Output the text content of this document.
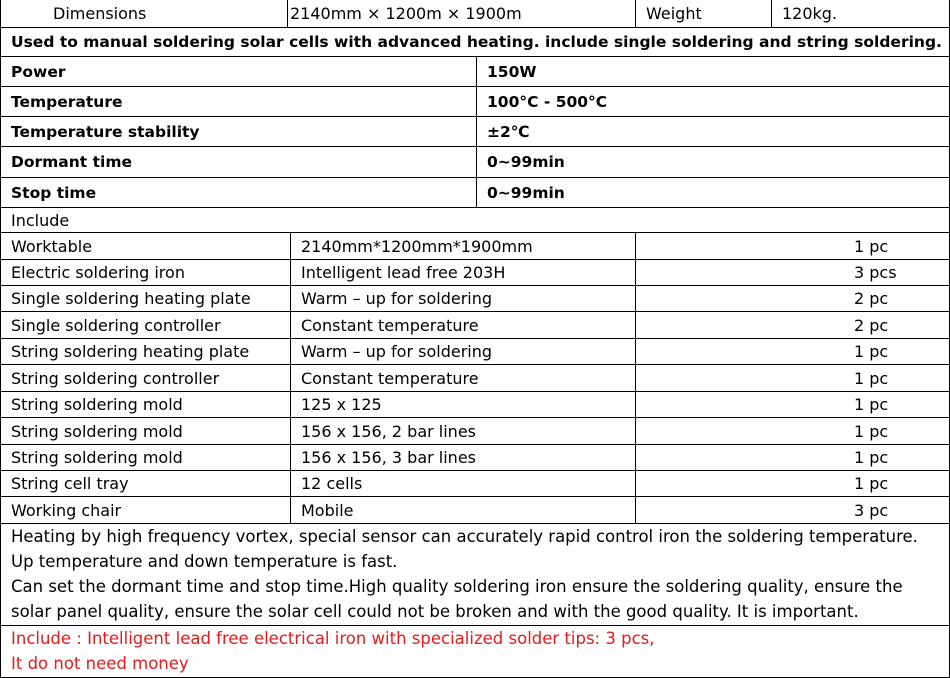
Dimensions	2140mm × 1200m × 1900m	Weight	120kg.
Used to manual soldering solar cells with advanced heating. include single soldering and string soldering.
Power	150W
Temperature	100°C - 500°C
Temperature stability	±2℃
Dormant time	0~99min
Stop time	0~99min
Include
Worktable	2140mm*1200mm*1900mm	1 pc
Electric soldering iron	Intelligent lead free 203H	3 pcs
Single soldering heating plate	Warm – up for soldering	2 pc
Single soldering controller	Constant temperature	2 pc
String soldering heating plate	Warm – up for soldering	1 pc
String soldering controller	Constant temperature	1 pc
String soldering mold	125 x 125	1 pc
String soldering mold	156 x 156, 2 bar lines	1 pc
String soldering mold	156 x 156, 3 bar lines	1 pc
String cell tray	12 cells	1 pc
Working chair	Mobile	3 pc
Heating by high frequency vortex, special sensor can accurately rapid control iron the soldering temperature.
Up temperature and down temperature is fast.
Can set the dormant time and stop time.High quality soldering iron ensure the soldering quality, ensure the
solar panel quality, ensure the solar cell could not be broken and with the good quality. It is important.
Include : Intelligent lead free electrical iron with specialized solder tips: 3 pcs,
It do not need money
